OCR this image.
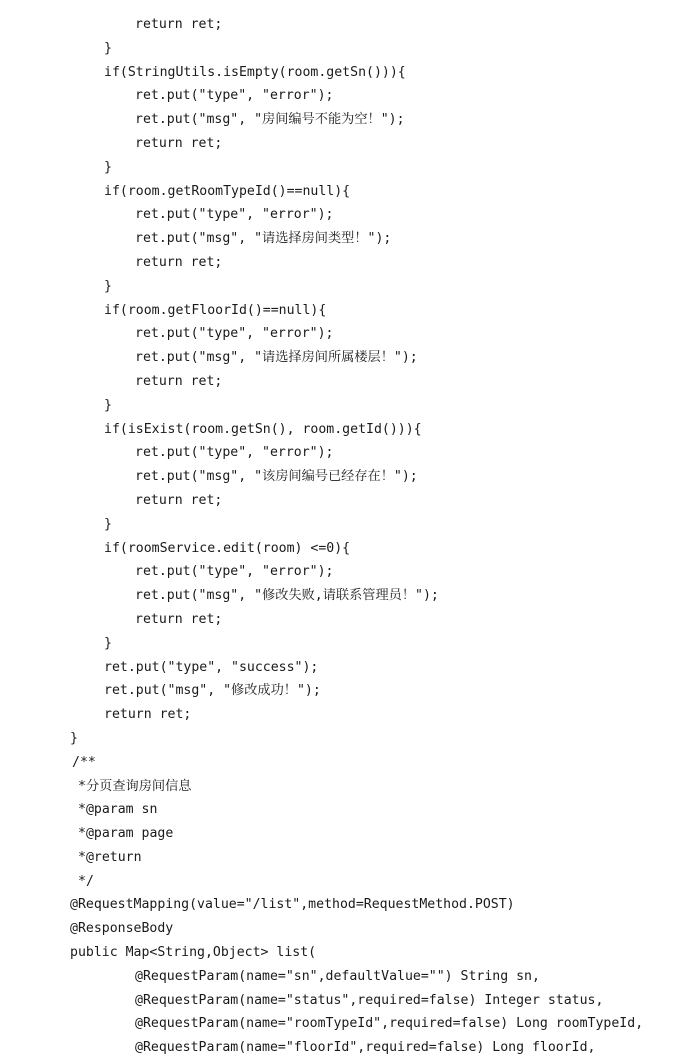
return ret;
}
if(StringUtils.isEmpty(room.getSn())){
ret.put("type", "error");
ret.put("msg", "房间编号不能为空！");
return ret;
}
if(room.getRoomTypeId()==null){
ret.put("type", "error");
ret.put("msg", "请选择房间类型！");
return ret;
}
if(room.getFloorId()==null){
ret.put("type", "error");
ret.put("msg", "请选择房间所属楼层！");
return ret;
}
if(isExist(room.getSn(), room.getId())){
ret.put("type", "error");
ret.put("msg", "该房间编号已经存在！");
return ret;
}
if(roomService.edit(room) <=0){
ret.put("type", "error");
ret.put("msg", "修改失败,请联系管理员！");
return ret;
}
ret.put("type", "success");
ret.put("msg", "修改成功！");
return ret;
}
/**
*分页查询房间信息
*@param sn
*@param page
*@return
*/
@RequestMapping(value="/list",method=RequestMethod.POST)
@ResponseBody
public Map<String,Object> list(
@RequestParam(name="sn",defaultValue="") String sn,
@RequestParam(name="status",required=false) Integer status,
@RequestParam(name="roomTypeId",required=false) Long roomTypeId,
@RequestParam(name="floorId",required=false) Long floorId,
